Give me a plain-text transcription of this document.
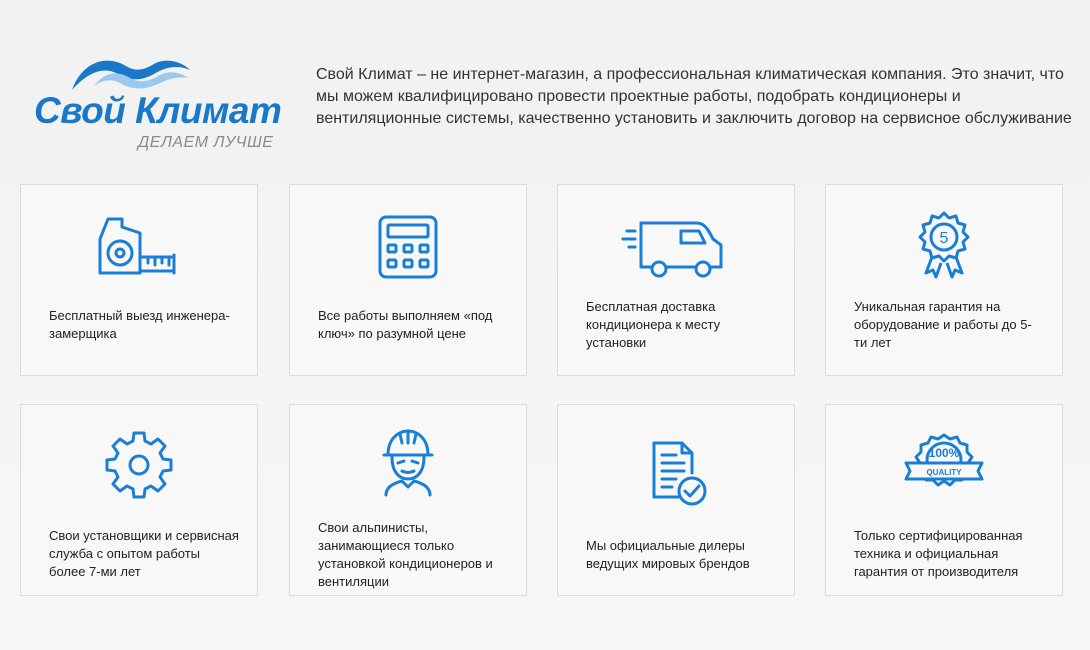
Свой Климат
ДЕЛАЕМ ЛУЧШЕ

Свой Климат – не интернет-магазин, а профессиональная климатическая компания. Это значит, что мы можем квалифицировано провести проектные работы, подобрать кондиционеры и вентиляционные системы, качественно установить и заключить договор на сервисное обслуживание

Бесплатный выезд инженера-замерщика
Все работы выполняем «под ключ» по разумной цене
Бесплатная доставка кондиционера к месту установки
5
Уникальная гарантия на оборудование и работы до 5-ти лет
Свои установщики и сервисная служба с опытом работы более 7-ми лет
Свои альпинисты, занимающиеся только установкой кондиционеров и вентиляции
Мы официальные дилеры ведущих мировых брендов
100%
QUALITY
Только сертифицированная техника и официальная гарантия от производителя
